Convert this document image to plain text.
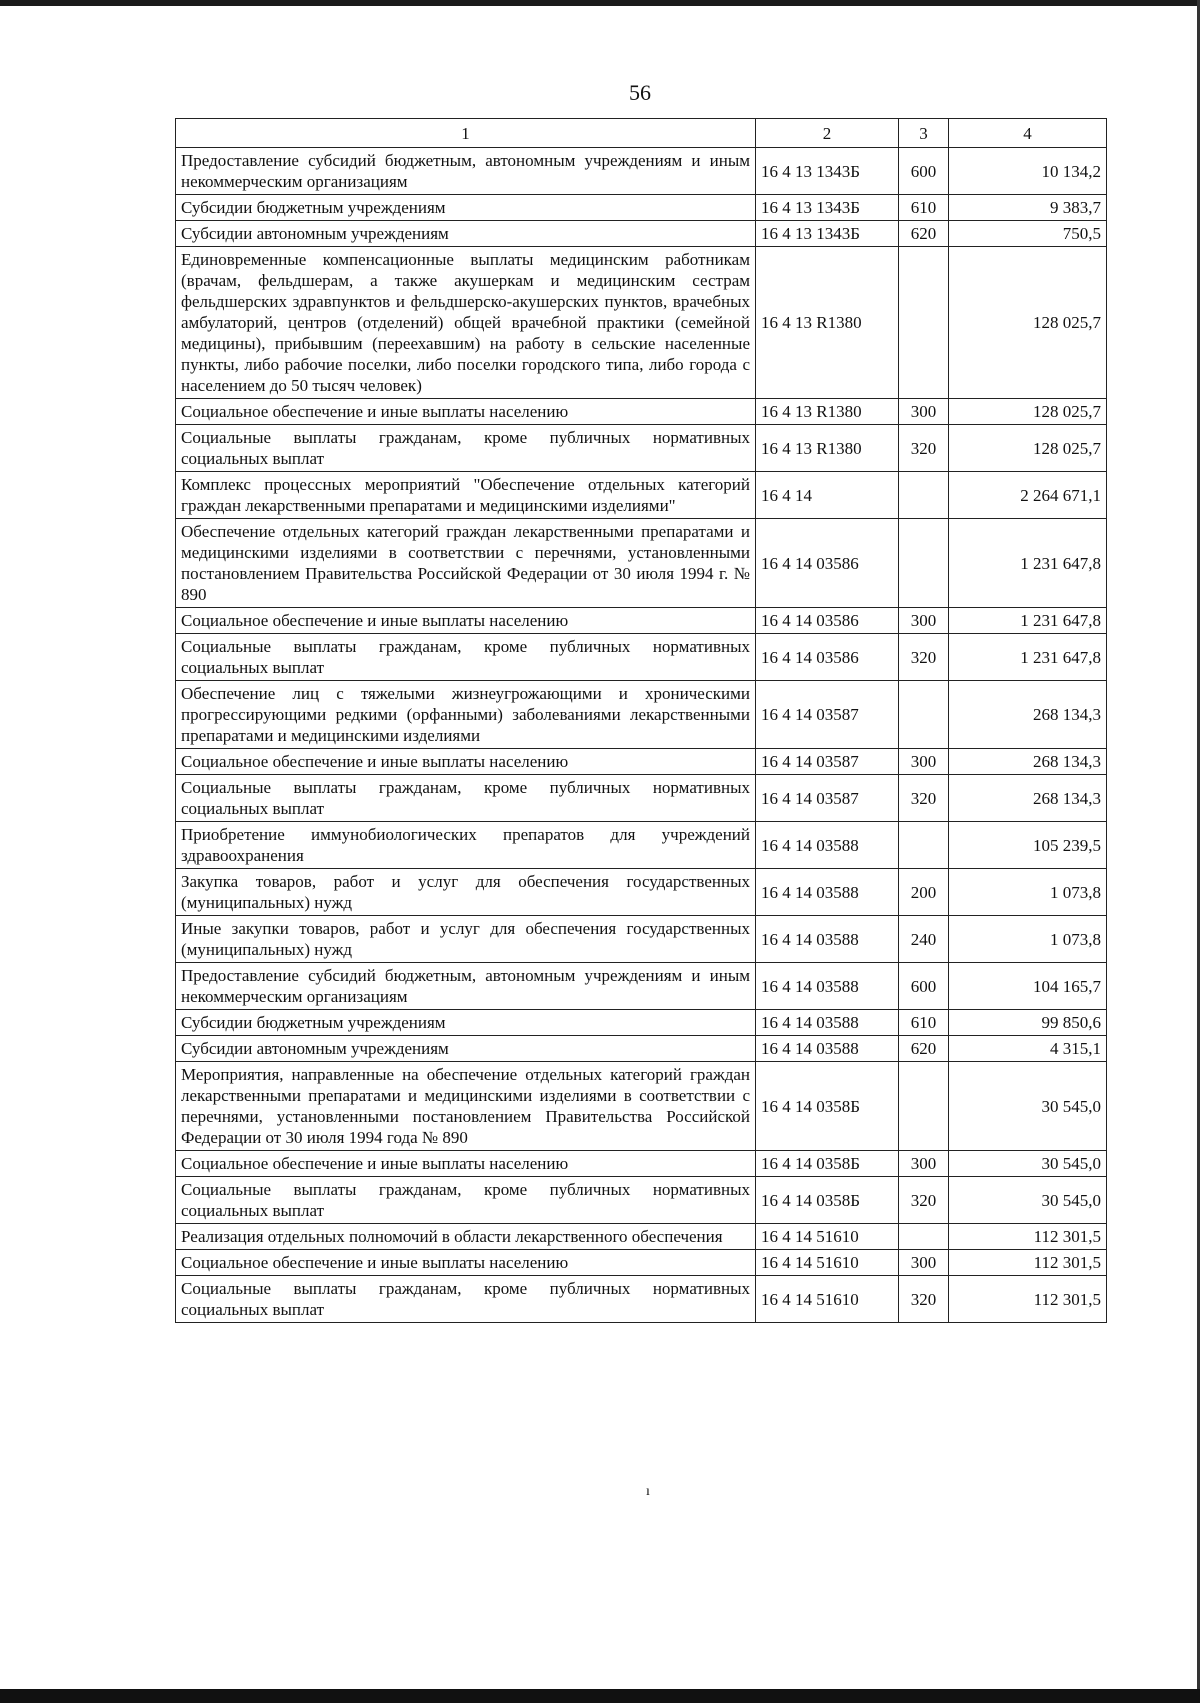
56
1	2	3	4
Предоставление субсидий бюджетным, автономным учреждениям и иным некоммерческим организациям	16 4 13 1343Б	600	10 134,2
Субсидии бюджетным учреждениям	16 4 13 1343Б	610	9 383,7
Субсидии автономным учреждениям	16 4 13 1343Б	620	750,5
Единовременные компенсационные выплаты медицинским работникам (врачам, фельдшерам, а также акушеркам и медицинским сестрам фельдшерских здравпунктов и фельдшерско-акушерских пунктов, врачебных амбулаторий, центров (отделений) общей врачебной практики (семейной медицины), прибывшим (переехавшим) на работу в сельские населенные пункты, либо рабочие поселки, либо поселки городского типа, либо города с населением до 50 тысяч человек)	16 4 13 R1380		128 025,7
Социальное обеспечение и иные выплаты населению	16 4 13 R1380	300	128 025,7
Социальные выплаты гражданам, кроме публичных нормативных социальных выплат	16 4 13 R1380	320	128 025,7
Комплекс процессных мероприятий "Обеспечение отдельных категорий граждан лекарственными препаратами и медицинскими изделиями"	16 4 14		2 264 671,1
Обеспечение отдельных категорий граждан лекарственными препаратами и медицинскими изделиями в соответствии с перечнями, установленными постановлением Правительства Российской Федерации от 30 июля 1994 г. № 890	16 4 14 03586		1 231 647,8
Социальное обеспечение и иные выплаты населению	16 4 14 03586	300	1 231 647,8
Социальные выплаты гражданам, кроме публичных нормативных социальных выплат	16 4 14 03586	320	1 231 647,8
Обеспечение лиц с тяжелыми жизнеугрожающими и хроническими прогрессирующими редкими (орфанными) заболеваниями лекарственными препаратами и медицинскими изделиями	16 4 14 03587		268 134,3
Социальное обеспечение и иные выплаты населению	16 4 14 03587	300	268 134,3
Социальные выплаты гражданам, кроме публичных нормативных социальных выплат	16 4 14 03587	320	268 134,3
Приобретение иммунобиологических препаратов для учреждений здравоохранения	16 4 14 03588		105 239,5
Закупка товаров, работ и услуг для обеспечения государственных (муниципальных) нужд	16 4 14 03588	200	1 073,8
Иные закупки товаров, работ и услуг для обеспечения государственных (муниципальных) нужд	16 4 14 03588	240	1 073,8
Предоставление субсидий бюджетным, автономным учреждениям и иным некоммерческим организациям	16 4 14 03588	600	104 165,7
Субсидии бюджетным учреждениям	16 4 14 03588	610	99 850,6
Субсидии автономным учреждениям	16 4 14 03588	620	4 315,1
Мероприятия, направленные на обеспечение отдельных категорий граждан лекарственными препаратами и медицинскими изделиями в соответствии с перечнями, установленными постановлением Правительства Российской Федерации от 30 июля 1994 года № 890	16 4 14 0358Б		30 545,0
Социальное обеспечение и иные выплаты населению	16 4 14 0358Б	300	30 545,0
Социальные выплаты гражданам, кроме публичных нормативных социальных выплат	16 4 14 0358Б	320	30 545,0
Реализация отдельных полномочий в области лекарственного обеспечения	16 4 14 51610		112 301,5
Социальное обеспечение и иные выплаты населению	16 4 14 51610	300	112 301,5
Социальные выплаты гражданам, кроме публичных нормативных социальных выплат	16 4 14 51610	320	112 301,5
ı
